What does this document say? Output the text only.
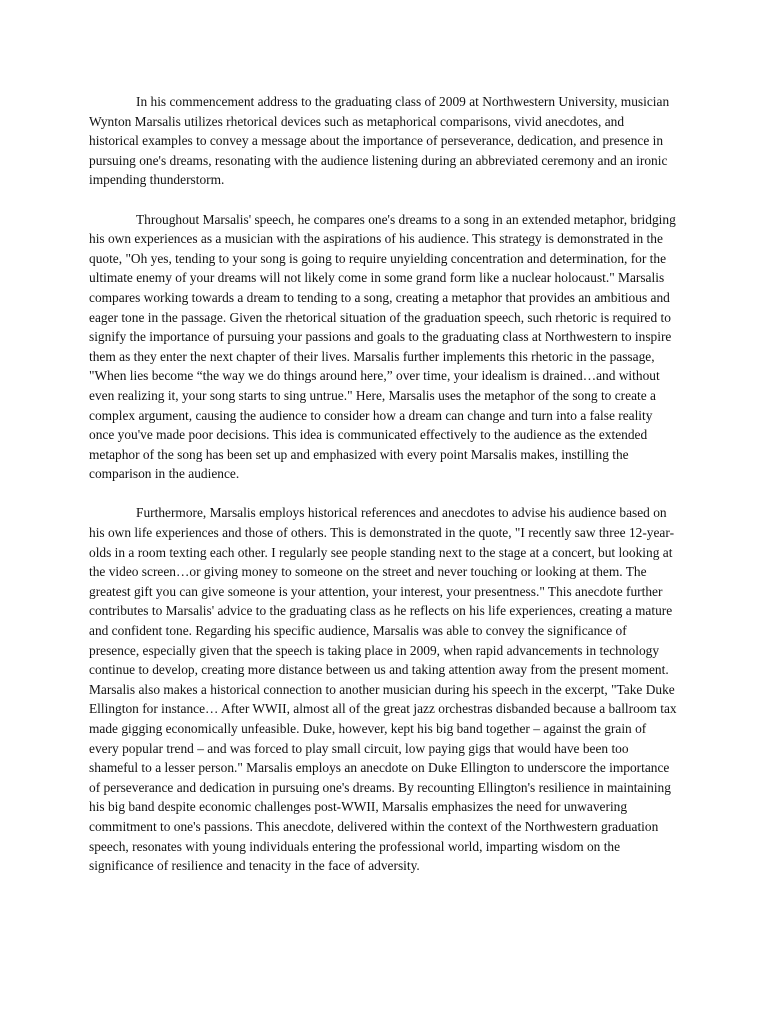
In his commencement address to the graduating class of 2009 at Northwestern University, musician Wynton Marsalis utilizes rhetorical devices such as metaphorical comparisons, vivid anecdotes, and historical examples to convey a message about the importance of perseverance, dedication, and presence in pursuing one's dreams, resonating with the audience listening during an abbreviated ceremony and an ironic impending thunderstorm.

Throughout Marsalis' speech, he compares one's dreams to a song in an extended metaphor, bridging his own experiences as a musician with the aspirations of his audience. This strategy is demonstrated in the quote, "Oh yes, tending to your song is going to require unyielding concentration and determination, for the ultimate enemy of your dreams will not likely come in some grand form like a nuclear holocaust." Marsalis compares working towards a dream to tending to a song, creating a metaphor that provides an ambitious and eager tone in the passage. Given the rhetorical situation of the graduation speech, such rhetoric is required to signify the importance of pursuing your passions and goals to the graduating class at Northwestern to inspire them as they enter the next chapter of their lives. Marsalis further implements this rhetoric in the passage, "When lies become “the way we do things around here,” over time, your idealism is drained…and without even realizing it, your song starts to sing untrue." Here, Marsalis uses the metaphor of the song to create a complex argument, causing the audience to consider how a dream can change and turn into a false reality once you've made poor decisions. This idea is communicated effectively to the audience as the extended metaphor of the song has been set up and emphasized with every point Marsalis makes, instilling the comparison in the audience.

Furthermore, Marsalis employs historical references and anecdotes to advise his audience based on his own life experiences and those of others. This is demonstrated in the quote, "I recently saw three 12-year-olds in a room texting each other. I regularly see people standing next to the stage at a concert, but looking at the video screen…or giving money to someone on the street and never touching or looking at them. The greatest gift you can give someone is your attention, your interest, your presentness." This anecdote further contributes to Marsalis' advice to the graduating class as he reflects on his life experiences, creating a mature and confident tone. Regarding his specific audience, Marsalis was able to convey the significance of presence, especially given that the speech is taking place in 2009, when rapid advancements in technology continue to develop, creating more distance between us and taking attention away from the present moment. Marsalis also makes a historical connection to another musician during his speech in the excerpt, "Take Duke Ellington for instance… After WWII, almost all of the great jazz orchestras disbanded because a ballroom tax made gigging economically unfeasible. Duke, however, kept his big band together – against the grain of every popular trend – and was forced to play small circuit, low paying gigs that would have been too shameful to a lesser person." Marsalis employs an anecdote on Duke Ellington to underscore the importance of perseverance and dedication in pursuing one's dreams. By recounting Ellington's resilience in maintaining his big band despite economic challenges post-WWII, Marsalis emphasizes the need for unwavering commitment to one's passions. This anecdote, delivered within the context of the Northwestern graduation speech, resonates with young individuals entering the professional world, imparting wisdom on the significance of resilience and tenacity in the face of adversity.
